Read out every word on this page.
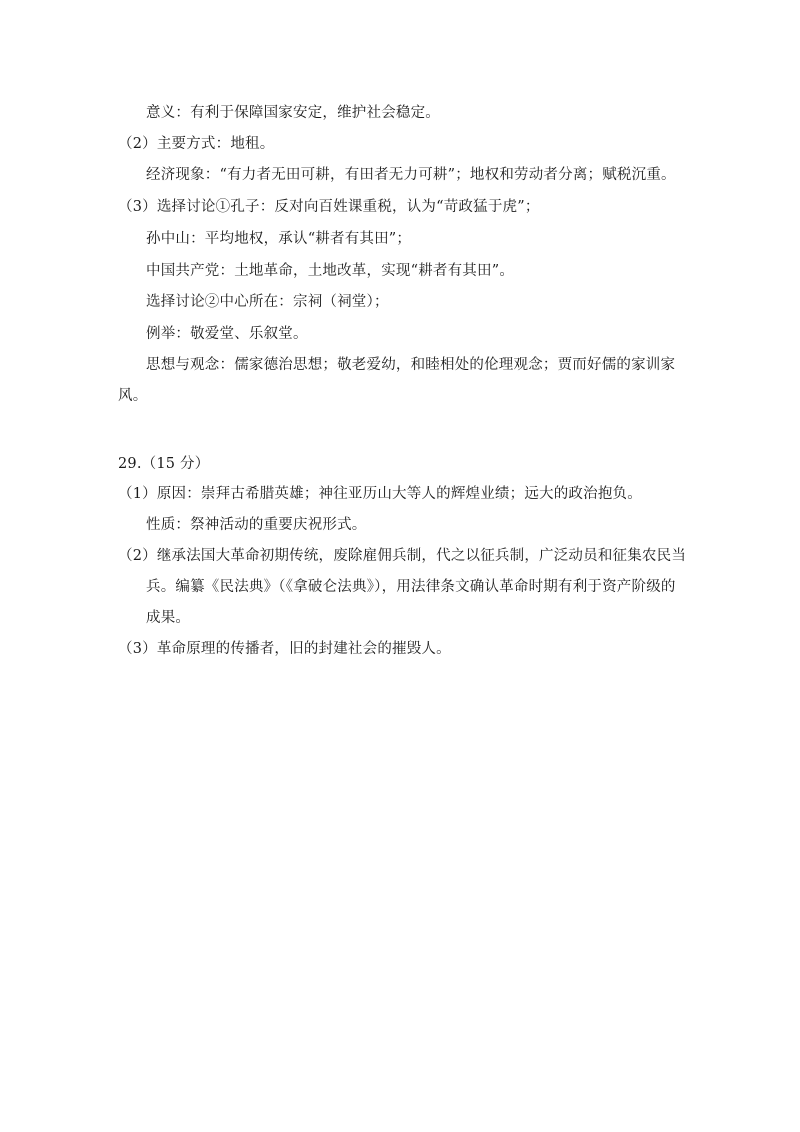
意义：有利于保障国家安定，维护社会稳定。
（2）主要方式：地租。
经济现象：“有力者无田可耕，有田者无力可耕”；地权和劳动者分离；赋税沉重。
（3）选择讨论①孔子：反对向百姓课重税，认为“苛政猛于虎”；
孙中山：平均地权，承认“耕者有其田”；
中国共产党：土地革命，土地改革，实现“耕者有其田”。
选择讨论②中心所在：宗祠（祠堂）；
例举：敬爱堂、乐叙堂。
思想与观念：儒家德治思想；敬老爱幼，和睦相处的伦理观念；贾而好儒的家训家
风。
29.（15 分）
（1）原因：崇拜古希腊英雄；神往亚历山大等人的辉煌业绩；远大的政治抱负。
性质：祭神活动的重要庆祝形式。
（2）继承法国大革命初期传统，废除雇佣兵制，代之以征兵制，广泛动员和征集农民当
兵。编纂《民法典》（《拿破仑法典》），用法律条文确认革命时期有利于资产阶级的
成果。
（3）革命原理的传播者，旧的封建社会的摧毁人。
